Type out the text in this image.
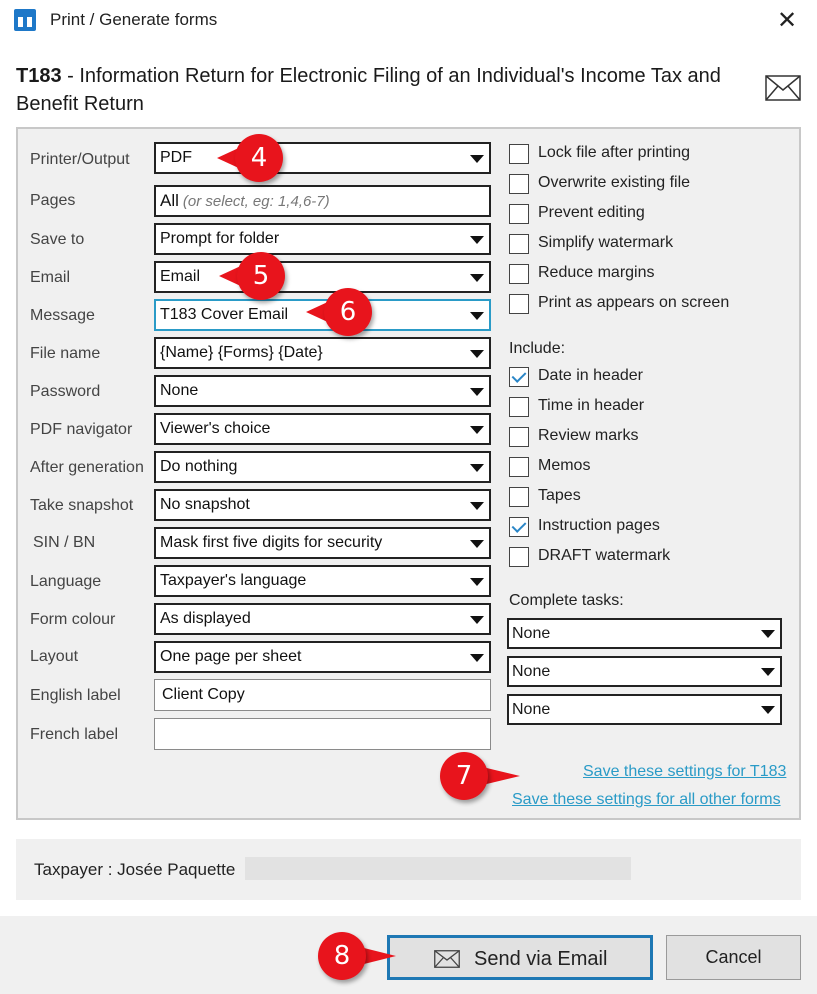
Print / Generate forms	✕
T183 - Information Return for Electronic Filing of an Individual's Income Tax and Benefit Return
Printer/Output	PDF
Pages	All (or select, eg: 1,4,6-7)
Save to	Prompt for folder
Email	Email
Message	T183 Cover Email
File name	{Name} {Forms} {Date}
Password	None
PDF navigator	Viewer's choice
After generation	Do nothing
Take snapshot	No snapshot
SIN / BN	Mask first five digits for security
Language	Taxpayer's language
Form colour	As displayed
Layout	One page per sheet
English label	Client Copy
French label
Lock file after printing
Overwrite existing file
Prevent editing
Simplify watermark
Reduce margins
Print as appears on screen
Include:
Date in header
Time in header
Review marks
Memos
Tapes
Instruction pages
DRAFT watermark
Complete tasks:
None
None
None
Save these settings for T183
Save these settings for all other forms
Taxpayer : Josée Paquette
Send via Email	Cancel
4
5
6
7
8
